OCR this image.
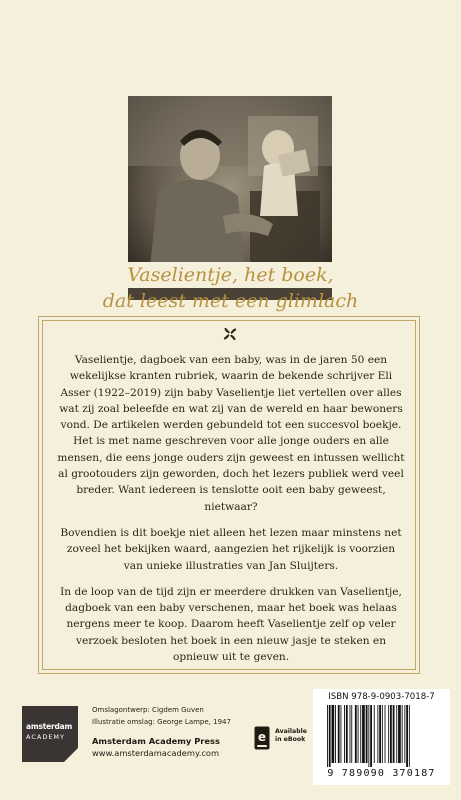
Vaselientje, het boek,
dat leest met een glimlach

Vaselientje, dagboek van een baby, was in de jaren 50 een wekelijkse kranten rubriek, waarin de bekende schrijver Eli Asser (1922–2019) zijn baby Vaselientje liet vertellen over alles wat zij zoal beleefde en wat zij van de wereld en haar bewoners vond. De artikelen werden gebundeld tot een succesvol boekje. Het is met name geschreven voor alle jonge ouders en alle mensen, die eens jonge ouders zijn geweest en intussen wellicht al grootouders zijn geworden, doch het lezers publiek werd veel breder. Want iedereen is tenslotte ooit een baby geweest, nietwaar?

Bovendien is dit boekje niet alleen het lezen maar minstens net zoveel het bekijken waard, aangezien het rijkelijk is voorzien van unieke illustraties van Jan Sluijters.

In de loop van de tijd zijn er meerdere drukken van Vaselientje, dagboek van een baby verschenen, maar het boek was helaas nergens meer te koop. Daarom heeft Vaselientje zelf op veler verzoek besloten het boek in een nieuw jasje te steken en opnieuw uit te geven.

amsterdam
ACADEMY
Omslagontwerp: Cigdem Guven
Illustratie omslag: George Lampe, 1947
Amsterdam Academy Press
www.amsterdamacademy.com
e Available
in eBook
ISBN 978-9-0903-7018-7
9 789090 370187
